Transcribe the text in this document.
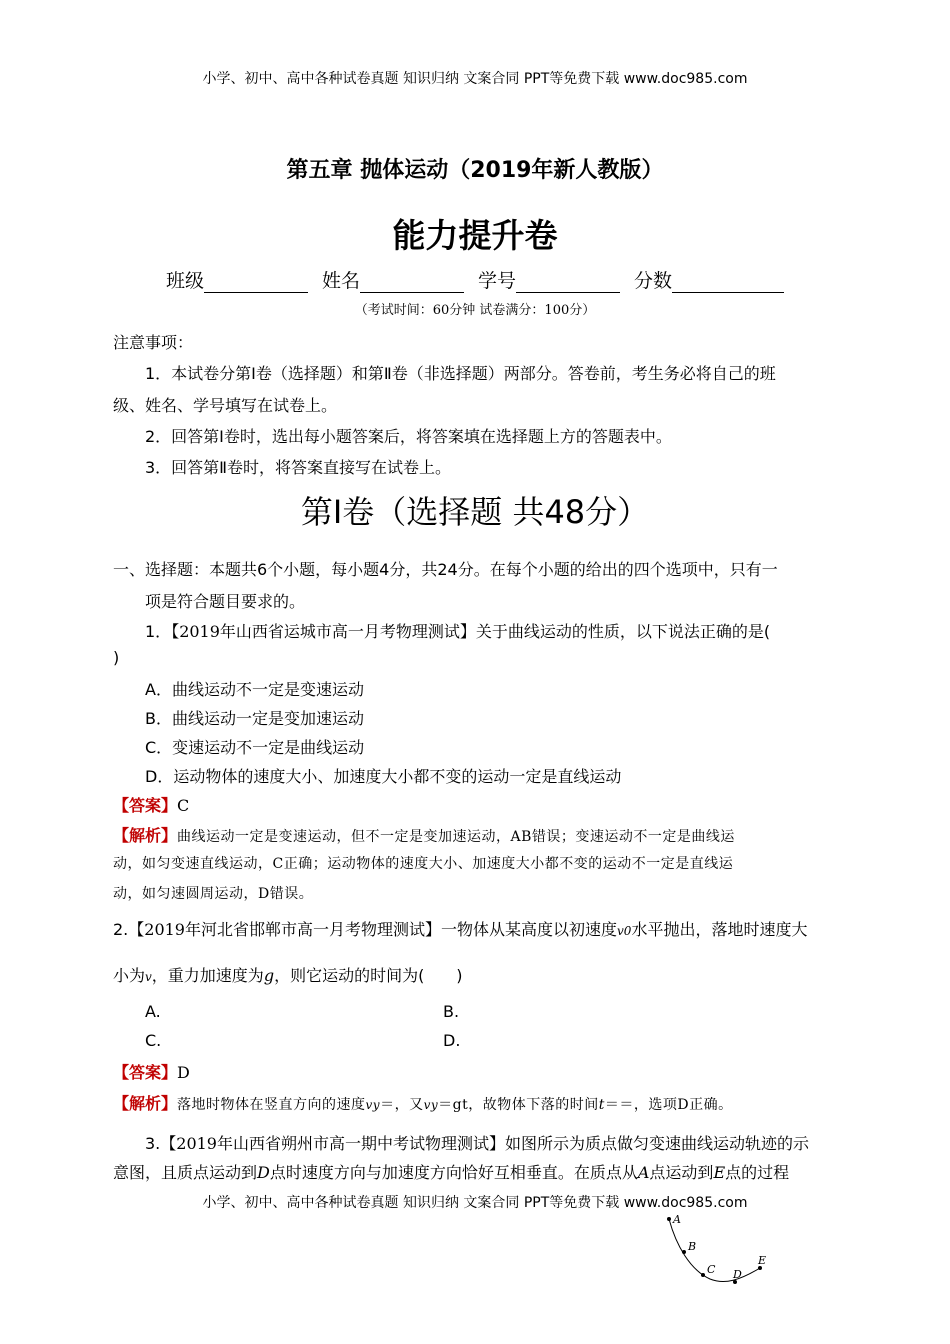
小学、初中、高中各种试卷真题 知识归纳 文案合同 PPT等免费下载 www.doc985.com
第五章 抛体运动（2019年新人教版）
能力提升卷
班级	姓名	学号	分数
（考试时间：60分钟 试卷满分：100分）
注意事项：
1．本试卷分第Ⅰ卷（选择题）和第Ⅱ卷（非选择题）两部分。答卷前，考生务必将自己的班
级、姓名、学号填写在试卷上。
2．回答第Ⅰ卷时，选出每小题答案后，将答案填在选择题上方的答题表中。
3．回答第Ⅱ卷时，将答案直接写在试卷上。
第Ⅰ卷（选择题 共48分）
一、选择题：本题共6个小题，每小题4分，共24分。在每个小题的给出的四个选项中，只有一
项是符合题目要求的。
1．【2019年山西省运城市高一月考物理测试】关于曲线运动的性质，以下说法正确的是(
)
A．曲线运动不一定是变速运动
B．曲线运动一定是变加速运动
C．变速运动不一定是曲线运动
D．运动物体的速度大小、加速度大小都不变的运动一定是直线运动
【答案】C
【解析】曲线运动一定是变速运动，但不一定是变加速运动，AB错误；变速运动不一定是曲线运
动，如匀变速直线运动，C正确；运动物体的速度大小、加速度大小都不变的运动不一定是直线运
动，如匀速圆周运动，D错误。
2.【2019年河北省邯郸市高一月考物理测试】一物体从某高度以初速度v0水平抛出，落地时速度大
小为v，重力加速度为g，则它运动的时间为(　　)
A.	B.
C.	D.
【答案】D
【解析】落地时物体在竖直方向的速度vy＝，又vy＝gt，故物体下落的时间t＝＝，选项D正确。
3.【2019年山西省朔州市高一期中考试物理测试】如图所示为质点做匀变速曲线运动轨迹的示
意图，且质点运动到D点时速度方向与加速度方向恰好互相垂直。在质点从A点运动到E点的过程
小学、初中、高中各种试卷真题 知识归纳 文案合同 PPT等免费下载 www.doc985.com
A
B
C D
E
